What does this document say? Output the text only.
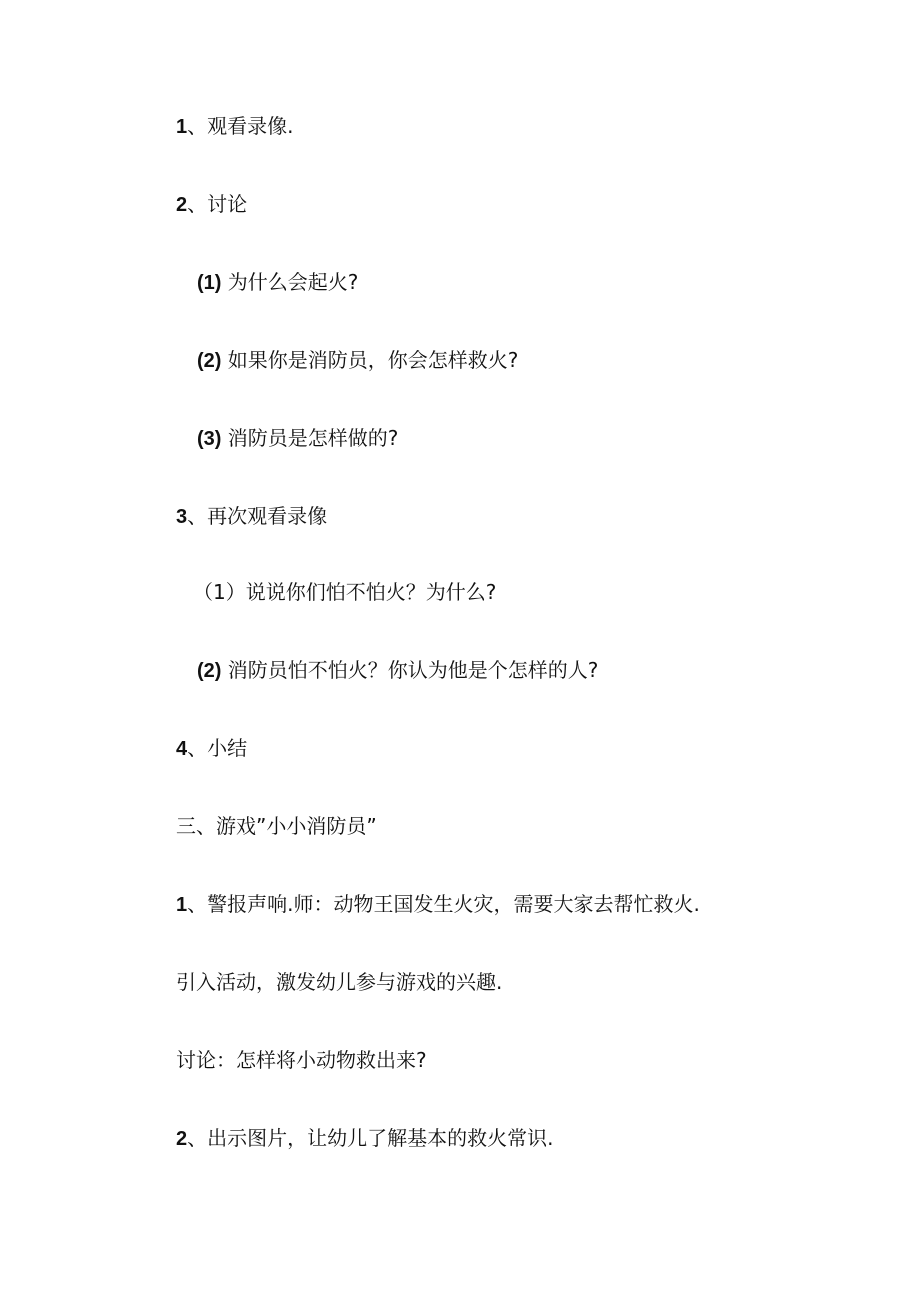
1、观看录像.

2、讨论

(1) 为什么会起火?

(2) 如果你是消防员，你会怎样救火?

(3) 消防员是怎样做的?

3、再次观看录像

（1）说说你们怕不怕火？为什么?

(2) 消防员怕不怕火？你认为他是个怎样的人?

4、小结

三、游戏”小小消防员”

1、警报声响.师：动物王国发生火灾，需要大家去帮忙救火.

引入活动，激发幼儿参与游戏的兴趣.

讨论：怎样将小动物救出来?

2、出示图片，让幼儿了解基本的救火常识.
